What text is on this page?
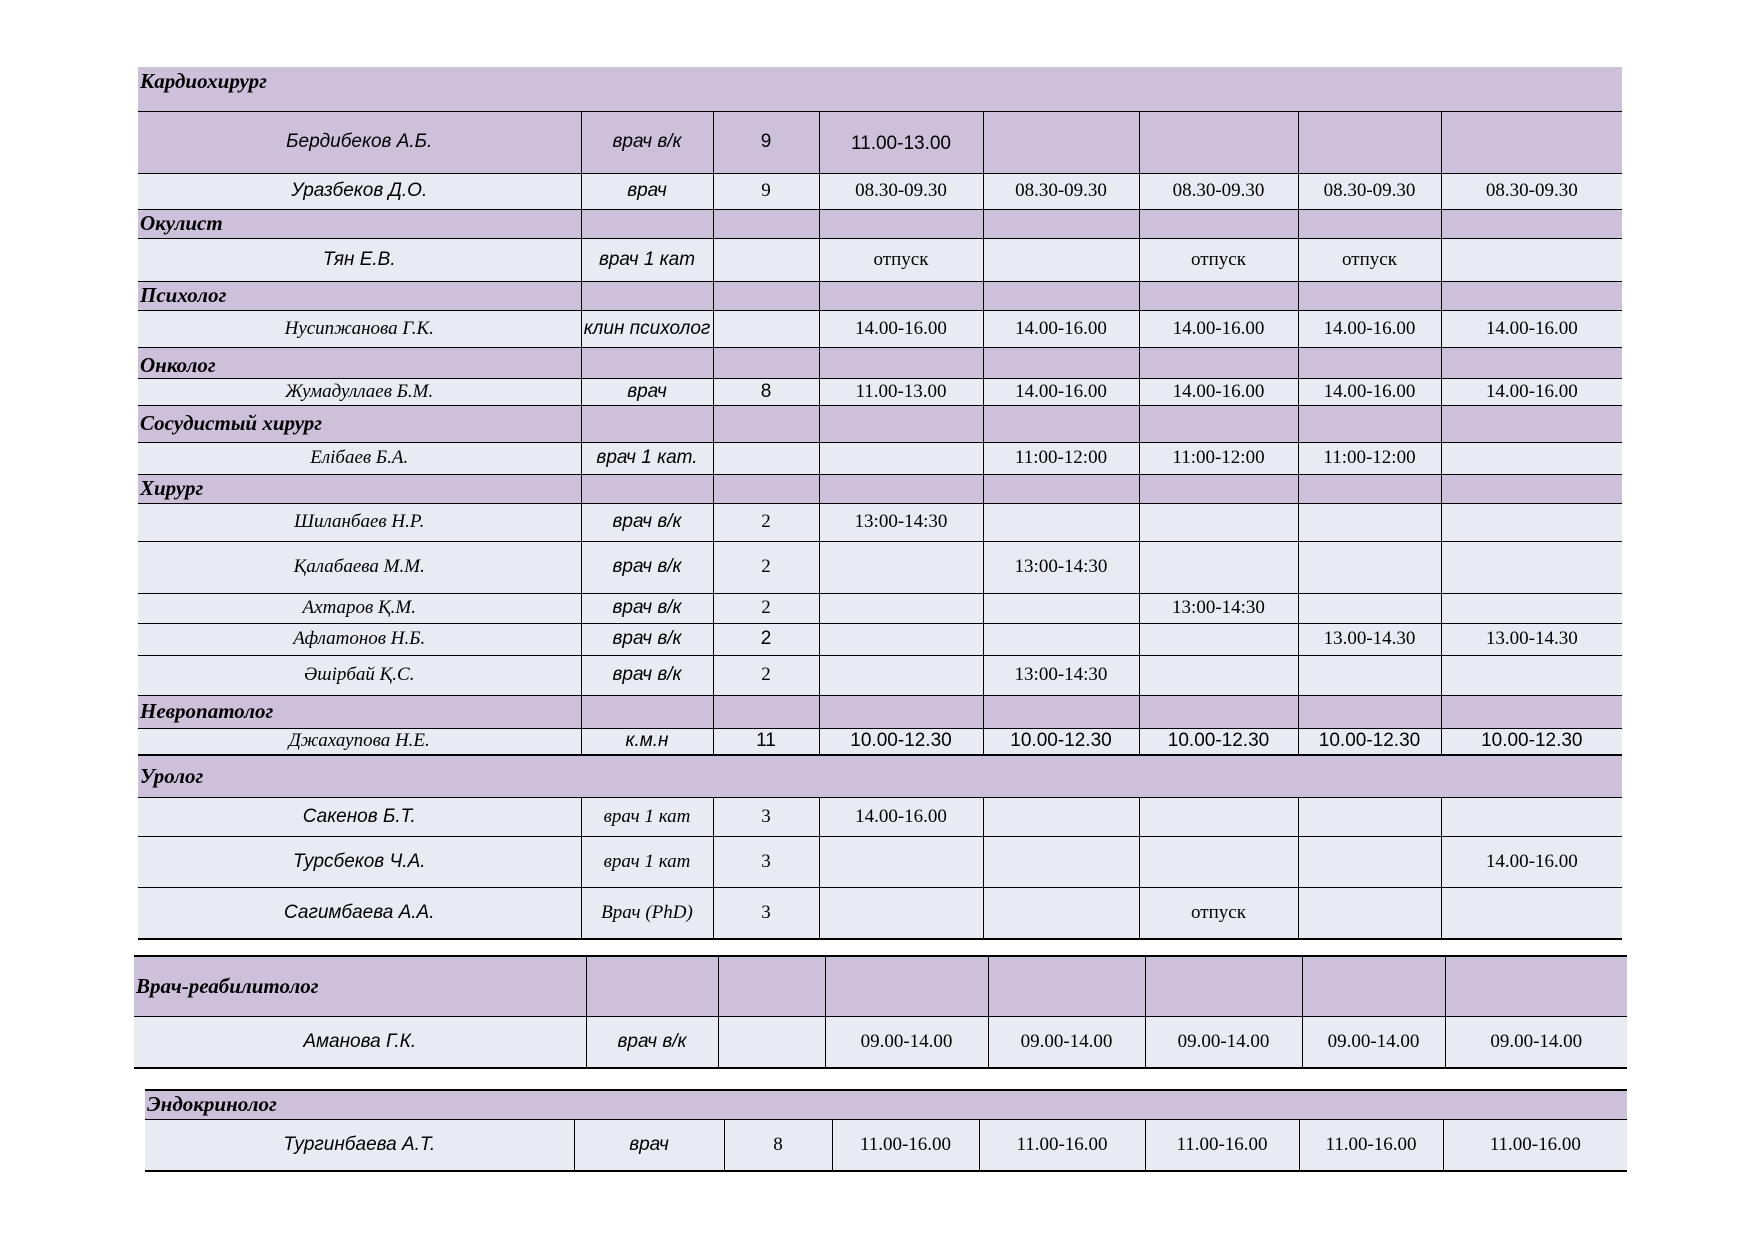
Кардиохирург							
Бердибеков А.Б.	врач в/к	9	11.00-13.00				
Уразбеков Д.О.	врач	9	08.30-09.30	08.30-09.30	08.30-09.30	08.30-09.30	08.30-09.30
Окулист							
Тян Е.В.	врач 1 кат		отпуск		отпуск	отпуск	
Психолог							
Нусипжанова Г.К.	клин психолог		14.00-16.00	14.00-16.00	14.00-16.00	14.00-16.00	14.00-16.00
Онколог							
Жумадуллаев Б.М.	врач	8	11.00-13.00	14.00-16.00	14.00-16.00	14.00-16.00	14.00-16.00
Сосудистый хирург							
Елібаев Б.А.	врач 1 кат.			11:00-12:00	11:00-12:00	11:00-12:00	
Хирург							
Шиланбаев Н.Р.	врач в/к	2	13:00-14:30				
Қалабаева М.М.	врач в/к	2		13:00-14:30			
Ахтаров Қ.М.	врач в/к	2			13:00-14:30		
Афлатонов Н.Б.	врач в/к	2				13.00-14.30	13.00-14.30
Әшірбай Қ.С.	врач в/к	2		13:00-14:30			
Невропатолог							
Джахаупова Н.Е.	к.м.н	11	10.00-12.30	10.00-12.30	10.00-12.30	10.00-12.30	10.00-12.30
Уролог							
Сакенов Б.Т.	врач 1 кат	3	14.00-16.00				
Турсбеков Ч.А.	врач 1 кат	3					14.00-16.00
Сагимбаева А.А.	Врач (PhD)	3			отпуск		
Врач-реабилитолог							
Аманова Г.К.	врач в/к		09.00-14.00	09.00-14.00	09.00-14.00	09.00-14.00	09.00-14.00
Эндокринолог
Тургинбаева А.Т.	врач	8	11.00-16.00	11.00-16.00	11.00-16.00	11.00-16.00	11.00-16.00
